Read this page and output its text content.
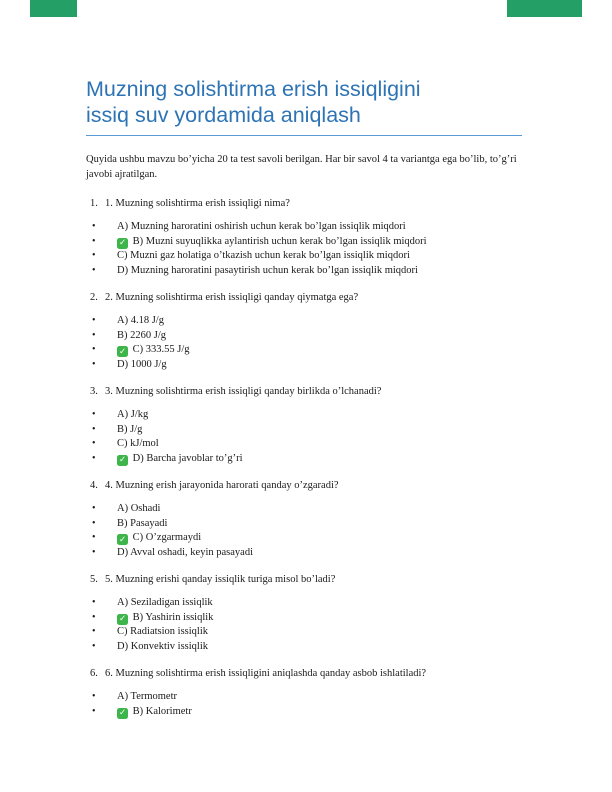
Muzning solishtirma erish issiqligini
issiq suv yordamida aniqlash

Quyida ushbu mavzu bo’yicha 20 ta test savoli berilgan. Har bir savol 4 ta variantga ega bo’lib, to’g’ri javobi ajratilgan.

1. 1. Muzning solishtirma erish issiqligi nima?
•	A) Muzning haroratini oshirish uchun kerak bo’lgan issiqlik miqdori
•	✓ B) Muzni suyuqlikka aylantirish uchun kerak bo’lgan issiqlik miqdori
•	C) Muzni gaz holatiga o’tkazish uchun kerak bo’lgan issiqlik miqdori
•	D) Muzning haroratini pasaytirish uchun kerak bo’lgan issiqlik miqdori
2. 2. Muzning solishtirma erish issiqligi qanday qiymatga ega?
•	A) 4.18 J/g
•	B) 2260 J/g
•	✓ C) 333.55 J/g
•	D) 1000 J/g
3. 3. Muzning solishtirma erish issiqligi qanday birlikda o’lchanadi?
•	A) J/kg
•	B) J/g
•	C) kJ/mol
•	✓ D) Barcha javoblar to’g’ri
4. 4. Muzning erish jarayonida harorati qanday o’zgaradi?
•	A) Oshadi
•	B) Pasayadi
•	✓ C) O’zgarmaydi
•	D) Avval oshadi, keyin pasayadi
5. 5. Muzning erishi qanday issiqlik turiga misol bo’ladi?
•	A) Seziladigan issiqlik
•	✓ B) Yashirin issiqlik
•	C) Radiatsion issiqlik
•	D) Konvektiv issiqlik
6. 6. Muzning solishtirma erish issiqligini aniqlashda qanday asbob ishlatiladi?
•	A) Termometr
•	✓ B) Kalorimetr
